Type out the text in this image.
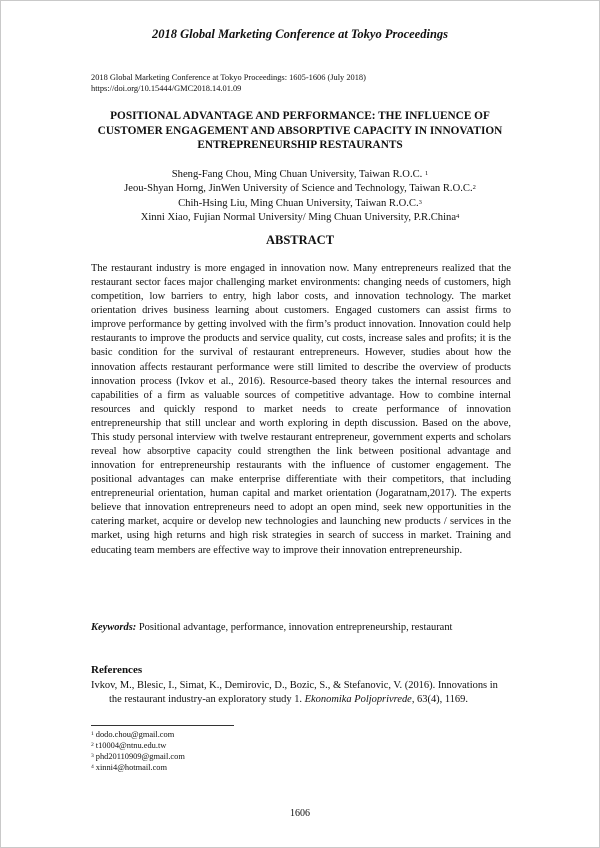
2018 Global Marketing Conference at Tokyo Proceedings
2018 Global Marketing Conference at Tokyo Proceedings: 1605-1606 (July 2018)
https://doi.org/10.15444/GMC2018.14.01.09
POSITIONAL ADVANTAGE AND PERFORMANCE: THE INFLUENCE OF CUSTOMER ENGAGEMENT AND ABSORPTIVE CAPACITY IN INNOVATION ENTREPRENEURSHIP RESTAURANTS
Sheng-Fang Chou, Ming Chuan University, Taiwan R.O.C. $^1$
Jeou-Shyan Horng, JinWen University of Science and Technology, Taiwan R.O.C.$^2$
Chih-Hsing Liu, Ming Chuan University, Taiwan R.O.C.$^3$
Xinni Xiao, Fujian Normal University/ Ming Chuan University, P.R.China$^4$
ABSTRACT
The restaurant industry is more engaged in innovation now. Many entrepreneurs realized that the restaurant sector faces major challenging market environments: changing needs of customers, high competition, low barriers to entry, high labor costs, and innovation technology. The market orientation drives business learning about customers. Engaged customers can assist firms to improve performance by getting involved with the firm’s product innovation. Innovation could help restaurants to improve the products and service quality, cut costs, increase sales and profits; it is the basic condition for the survival of restaurant entrepreneurs. However, studies about how the innovation affects restaurant performance were still limited to describe the overview of products innovation process (Ivkov et al., 2016). Resource-based theory takes the internal resources and capabilities of a firm as valuable sources of competitive advantage. How to combine internal resources and quickly respond to market needs to create performance of innovation entrepreneurship that still unclear and worth exploring in depth discussion. Based on the above, This study personal interview with twelve restaurant entrepreneur, government experts and scholars reveal how absorptive capacity could strengthen the link between positional advantage and innovation for entrepreneurship restaurants with the influence of customer engagement. The positional advantages can make enterprise differentiate with their competitors, that including entrepreneurial orientation, human capital and market orientation (Jogaratnam,2017). The experts believe that innovation entrepreneurs need to adopt an open mind, seek new opportunities in the catering market, acquire or develop new technologies and launching new products / services in the market, using high returns and high risk strategies in search of success in market. Training and educating team members are effective way to improve their innovation entrepreneurship.
Keywords: Positional advantage, performance, innovation entrepreneurship, restaurant
References
Ivkov, M., Blesic, I., Simat, K., Demirovic, D., Bozic, S., & Stefanovic, V. (2016). Innovations in the restaurant industry-an exploratory study 1. Ekonomika Poljoprivrede, 63(4), 1169.
$^1$ dodo.chou@gmail.com
$^2$ t10004@ntnu.edu.tw
$^3$ phd20110909@gmail.com
$^4$ xinni4@hotmail.com
1606
